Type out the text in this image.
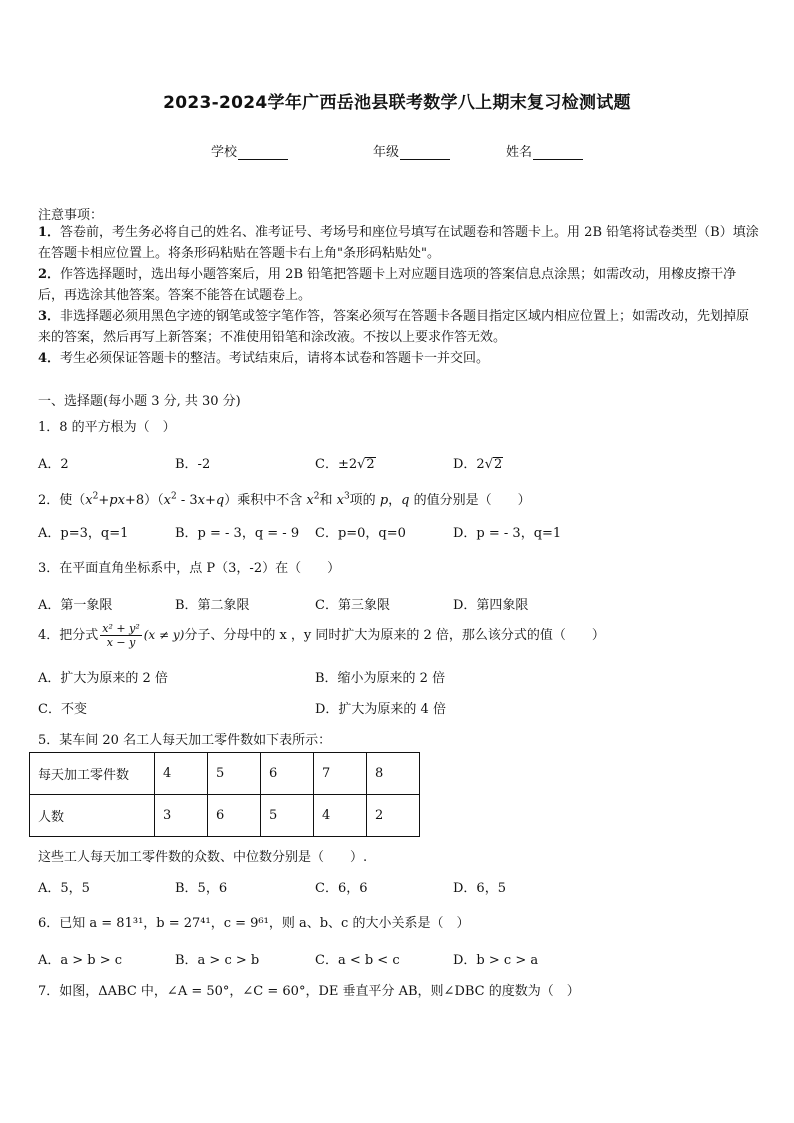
2023-2024学年广西岳池县联考数学八上期末复习检测试题
学校	年级	姓名
注意事项：
1．答卷前，考生务必将自己的姓名、准考证号、考场号和座位号填写在试题卷和答题卡上。用 2B 铅笔将试卷类型（B）填涂在答题卡相应位置上。将条形码粘贴在答题卡右上角"条形码粘贴处"。
2．作答选择题时，选出每小题答案后，用 2B 铅笔把答题卡上对应题目选项的答案信息点涂黑；如需改动，用橡皮擦干净后，再选涂其他答案。答案不能答在试题卷上。
3．非选择题必须用黑色字迹的钢笔或签字笔作答，答案必须写在答题卡各题目指定区域内相应位置上；如需改动，先划掉原来的答案，然后再写上新答案；不准使用铅笔和涂改液。不按以上要求作答无效。
4．考生必须保证答题卡的整洁。考试结束后，请将本试卷和答题卡一并交回。
一、选择题(每小题 3 分, 共 30 分)
1．8 的平方根为（　）
A．2	B．-2	C．±2√2	D．2√2
2．使$(x^2+px+8)(x^2 - 3x+q)$乘积中不含 $x^2$和 $x^3$项的 p，q 的值分别是（　　）
A．p=3，q=1	B．p = - 3，q = - 9 C．p=0，q=0	D．p = - 3，q=1
3．在平面直角坐标系中，点 P（3，-2）在（　　）
A．第一象限	B．第二象限	C．第三象限	D．第四象限
4．把分式 $\frac{\text{x² + y²}}{x - y} (x \ne y)$分子、分母中的 x ，y 同时扩大为原来的 2 倍，那么该分式的值（　　）
A．扩大为原来的 2 倍	B．缩小为原来的 2 倍
C．不变	D．扩大为原来的 4 倍
5．某车间 20 名工人每天加工零件数如下表所示：
每天加工零件数	4	5	6	7	8
人数	3	6	5	4	2
这些工人每天加工零件数的众数、中位数分别是（　　）.
A．5，5	B．5，6	C．6，6	D．6，5
6．已知 a = 81³¹，b = 27⁴¹，c = 9⁶¹，则 a、b、c 的大小关系是（　）
A．a > b > c	B．a > c > b	C．a < b < c	D．b > c > a
7．如图，ΔABC 中，∠A = 50°，∠C = 60°，DE 垂直平分 AB，则∠DBC 的度数为（　）
